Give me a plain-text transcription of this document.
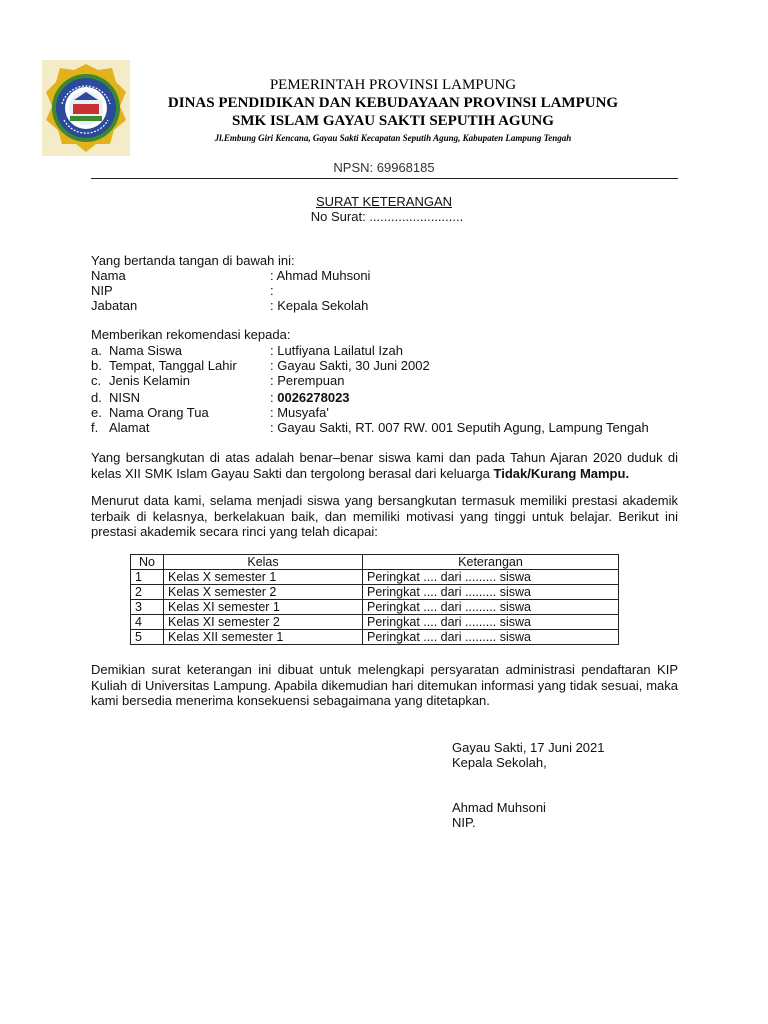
PEMERINTAH PROVINSI LAMPUNG
DINAS PENDIDIKAN DAN KEBUDAYAAN PROVINSI LAMPUNG
SMK ISLAM GAYAU SAKTI SEPUTIH AGUNG
Jl.Embung Giri Kencana, Gayau Sakti Kecapatan Seputih Agung, Kabupaten Lampung Tengah
NPSN: 69968185
SURAT KETERANGAN
No Surat: ..........................
Yang bertanda tangan di bawah ini:
Nama	: Ahmad Muhsoni
NIP	:
Jabatan	: Kepala Sekolah
Memberikan rekomendasi kepada:
a. Nama Siswa	: Lutfiyana Lailatul Izah
b. Tempat, Tanggal Lahir	: Gayau Sakti, 30 Juni 2002
c. Jenis Kelamin	: Perempuan
d. NISN	: 0026278023
e. Nama Orang Tua	: Musyafa'
f. Alamat	: Gayau Sakti, RT. 007 RW. 001 Seputih Agung, Lampung Tengah
Yang bersangkutan di atas adalah benar–benar siswa kami dan pada Tahun Ajaran 2020 duduk di kelas XII SMK Islam Gayau Sakti dan tergolong berasal dari keluarga Tidak/Kurang Mampu.
Menurut data kami, selama menjadi siswa yang bersangkutan termasuk memiliki prestasi akademik terbaik di kelasnya, berkelakuan baik, dan memiliki motivasi yang tinggi untuk belajar. Berikut ini prestasi akademik secara rinci yang telah dicapai:
No	Kelas	Keterangan
1	Kelas X semester 1	Peringkat .... dari ......... siswa
2	Kelas X semester 2	Peringkat .... dari ......... siswa
3	Kelas XI semester 1	Peringkat .... dari ......... siswa
4	Kelas XI semester 2	Peringkat .... dari ......... siswa
5	Kelas XII semester 1	Peringkat .... dari ......... siswa
Demikian surat keterangan ini dibuat untuk melengkapi persyaratan administrasi pendaftaran KIP Kuliah di Universitas Lampung. Apabila dikemudian hari ditemukan informasi yang tidak sesuai, maka kami bersedia menerima konsekuensi sebagaimana yang ditetapkan.
Gayau Sakti, 17 Juni 2021
Kepala Sekolah,
Ahmad Muhsoni
NIP.
